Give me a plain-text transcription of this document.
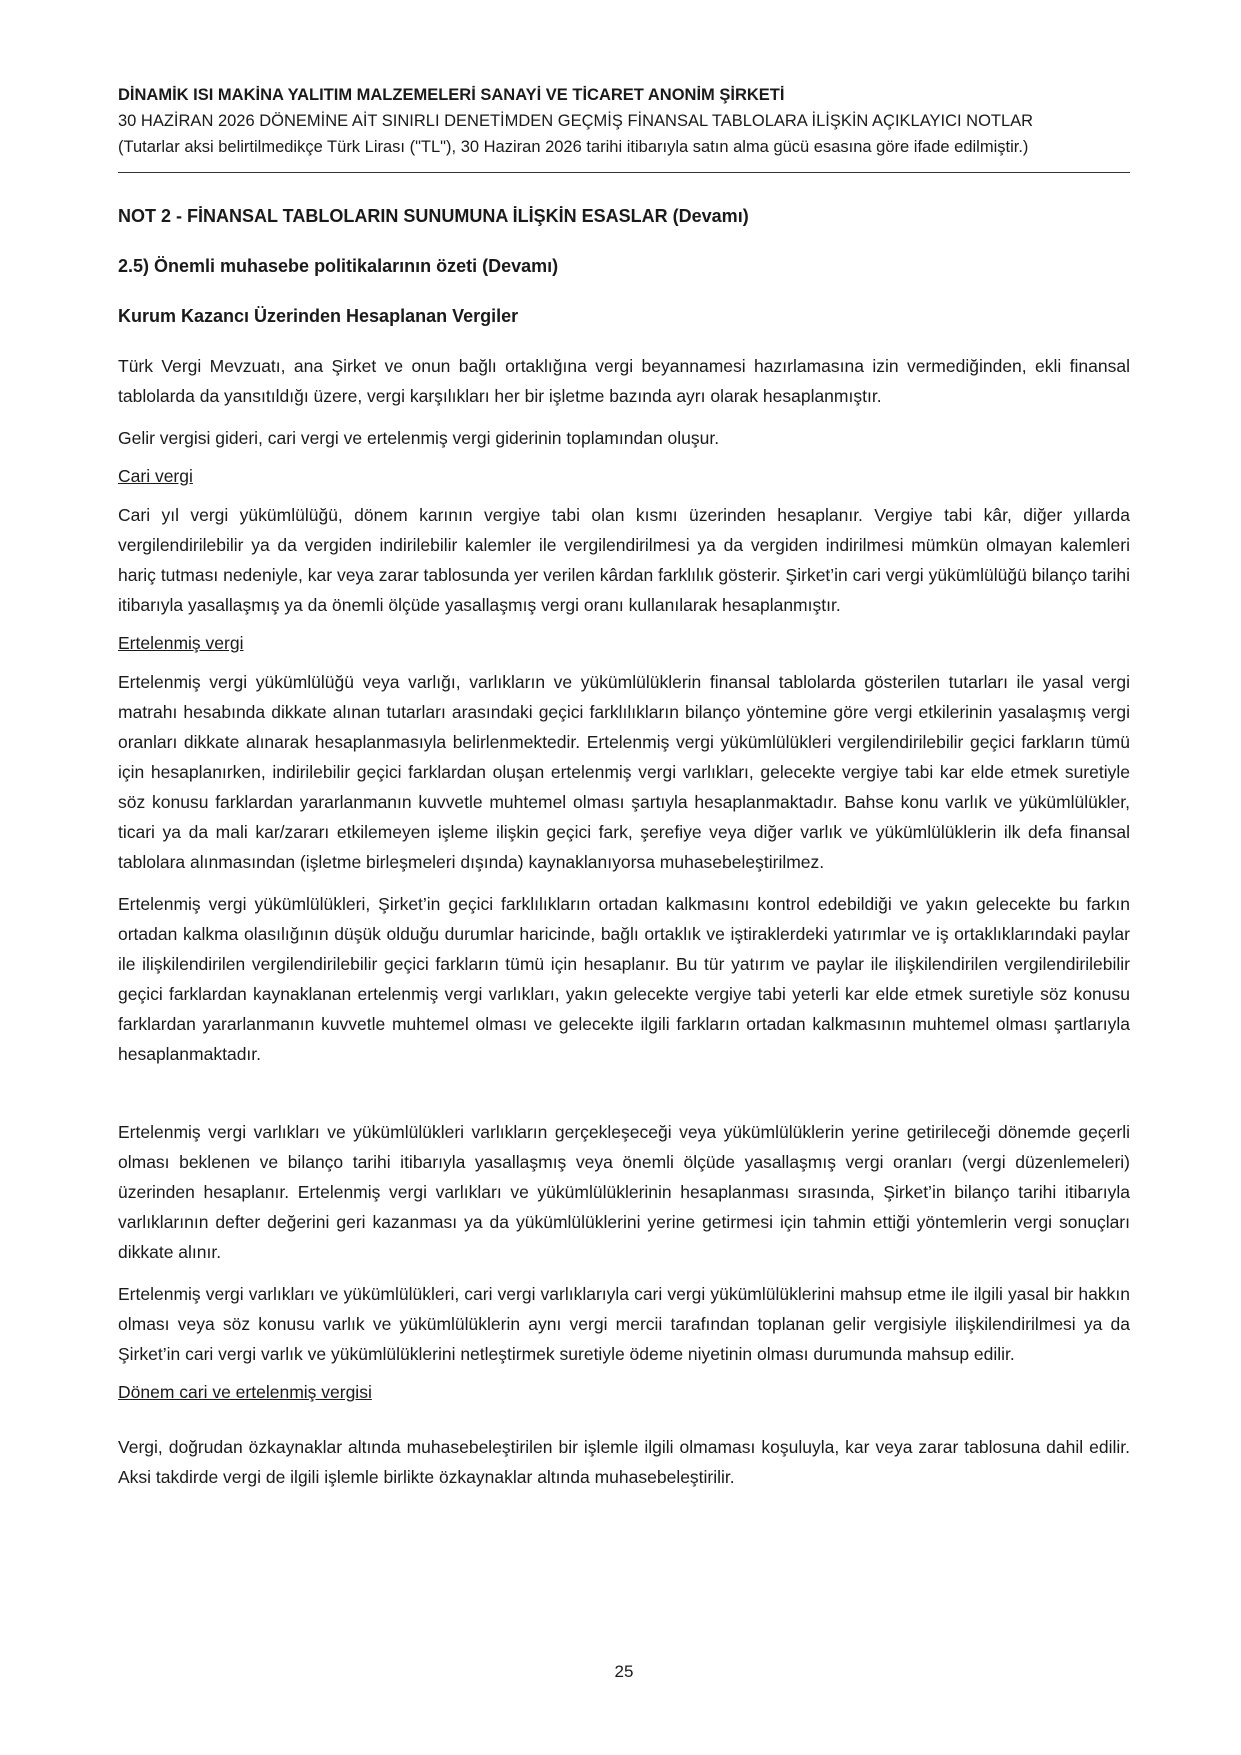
DİNAMİK ISI MAKİNA YALITIM MALZEMELERİ SANAYİ VE TİCARET ANONİM ŞİRKETİ
30 HAZİRAN 2026 DÖNEMİNE AİT SINIRLI DENETİMDEN GEÇMİŞ FİNANSAL TABLOLARA İLİŞKİN AÇIKLAYICI NOTLAR
(Tutarlar aksi belirtilmedikçe Türk Lirası ("TL"), 30 Haziran 2026 tarihi itibarıyla satın alma gücü esasına göre ifade edilmiştir.)

NOT 2 - FİNANSAL TABLOLARIN SUNUMUNA İLİŞKİN ESASLAR (Devamı)

2.5) Önemli muhasebe politikalarının özeti (Devamı)

Kurum Kazancı Üzerinden Hesaplanan Vergiler

Türk Vergi Mevzuatı, ana Şirket ve onun bağlı ortaklığına vergi beyannamesi hazırlamasına izin vermediğinden, ekli finansal tablolarda da yansıtıldığı üzere, vergi karşılıkları her bir işletme bazında ayrı olarak hesaplanmıştır.

Gelir vergisi gideri, cari vergi ve ertelenmiş vergi giderinin toplamından oluşur.

Cari vergi

Cari yıl vergi yükümlülüğü, dönem karının vergiye tabi olan kısmı üzerinden hesaplanır. Vergiye tabi kâr, diğer yıllarda vergilendirilebilir ya da vergiden indirilebilir kalemler ile vergilendirilmesi ya da vergiden indirilmesi mümkün olmayan kalemleri hariç tutması nedeniyle, kar veya zarar tablosunda yer verilen kârdan farklılık gösterir. Şirket’in cari vergi yükümlülüğü bilanço tarihi itibarıyla yasallaşmış ya da önemli ölçüde yasallaşmış vergi oranı kullanılarak hesaplanmıştır.

Ertelenmiş vergi

Ertelenmiş vergi yükümlülüğü veya varlığı, varlıkların ve yükümlülüklerin finansal tablolarda gösterilen tutarları ile yasal vergi matrahı hesabında dikkate alınan tutarları arasındaki geçici farklılıkların bilanço yöntemine göre vergi etkilerinin yasalaşmış vergi oranları dikkate alınarak hesaplanmasıyla belirlenmektedir. Ertelenmiş vergi yükümlülükleri vergilendirilebilir geçici farkların tümü için hesaplanırken, indirilebilir geçici farklardan oluşan ertelenmiş vergi varlıkları, gelecekte vergiye tabi kar elde etmek suretiyle söz konusu farklardan yararlanmanın kuvvetle muhtemel olması şartıyla hesaplanmaktadır. Bahse konu varlık ve yükümlülükler, ticari ya da mali kar/zararı etkilemeyen işleme ilişkin geçici fark, şerefiye veya diğer varlık ve yükümlülüklerin ilk defa finansal tablolara alınmasından (işletme birleşmeleri dışında) kaynaklanıyorsa muhasebeleştirilmez.

Ertelenmiş vergi yükümlülükleri, Şirket’in geçici farklılıkların ortadan kalkmasını kontrol edebildiği ve yakın gelecekte bu farkın ortadan kalkma olasılığının düşük olduğu durumlar haricinde, bağlı ortaklık ve iştiraklerdeki yatırımlar ve iş ortaklıklarındaki paylar ile ilişkilendirilen vergilendirilebilir geçici farkların tümü için hesaplanır. Bu tür yatırım ve paylar ile ilişkilendirilen vergilendirilebilir geçici farklardan kaynaklanan ertelenmiş vergi varlıkları, yakın gelecekte vergiye tabi yeterli kar elde etmek suretiyle söz konusu farklardan yararlanmanın kuvvetle muhtemel olması ve gelecekte ilgili farkların ortadan kalkmasının muhtemel olması şartlarıyla hesaplanmaktadır.

Ertelenmiş vergi varlıkları ve yükümlülükleri varlıkların gerçekleşeceği veya yükümlülüklerin yerine getirileceği dönemde geçerli olması beklenen ve bilanço tarihi itibarıyla yasallaşmış veya önemli ölçüde yasallaşmış vergi oranları (vergi düzenlemeleri) üzerinden hesaplanır. Ertelenmiş vergi varlıkları ve yükümlülüklerinin hesaplanması sırasında, Şirket’in bilanço tarihi itibarıyla varlıklarının defter değerini geri kazanması ya da yükümlülüklerini yerine getirmesi için tahmin ettiği yöntemlerin vergi sonuçları dikkate alınır.

Ertelenmiş vergi varlıkları ve yükümlülükleri, cari vergi varlıklarıyla cari vergi yükümlülüklerini mahsup etme ile ilgili yasal bir hakkın olması veya söz konusu varlık ve yükümlülüklerin aynı vergi mercii tarafından toplanan gelir vergisiyle ilişkilendirilmesi ya da Şirket’in cari vergi varlık ve yükümlülüklerini netleştirmek suretiyle ödeme niyetinin olması durumunda mahsup edilir.

Dönem cari ve ertelenmiş vergisi

Vergi, doğrudan özkaynaklar altında muhasebeleştirilen bir işlemle ilgili olmaması koşuluyla, kar veya zarar tablosuna dahil edilir. Aksi takdirde vergi de ilgili işlemle birlikte özkaynaklar altında muhasebeleştirilir.

25
